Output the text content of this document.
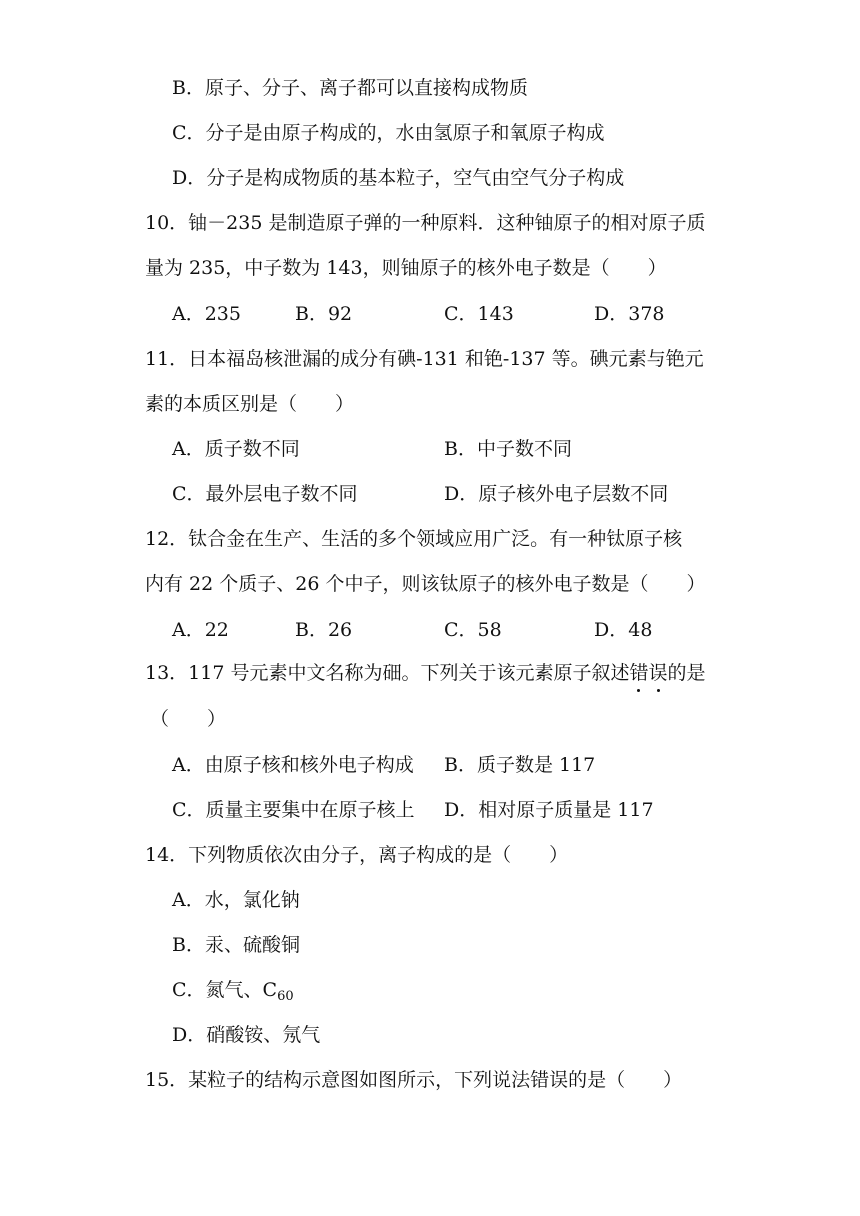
B．原子、分子、离子都可以直接构成物质
C．分子是由原子构成的，水由氢原子和氧原子构成
D．分子是构成物质的基本粒子，空气由空气分子构成
10．铀－235 是制造原子弹的一种原料．这种铀原子的相对原子质
量为 235，中子数为 143，则铀原子的核外电子数是（　　）
A．235	B．92	C．143	D．378
11．日本福岛核泄漏的成分有碘-131 和铯-137 等。碘元素与铯元
素的本质区别是（　　）
A．质子数不同	B．中子数不同
C．最外层电子数不同	D．原子核外电子层数不同
12．钛合金在生产、生活的多个领域应用广泛。有一种钛原子核
内有 22 个质子、26 个中子，则该钛原子的核外电子数是（　　）
A．22	B．26	C．58	D．48
13．117 号元素中文名称为鿬。下列关于该元素原子叙述错误的是
（　　）
A．由原子核和核外电子构成 B．质子数是 117
C．质量主要集中在原子核上 D．相对原子质量是 117
14．下列物质依次由分子，离子构成的是（　　）
A．水，氯化钠
B．汞、硫酸铜
C．氮气、$C_{60}$
D．硝酸铵、氖气
15．某粒子的结构示意图如图所示，下列说法错误的是（　　）
